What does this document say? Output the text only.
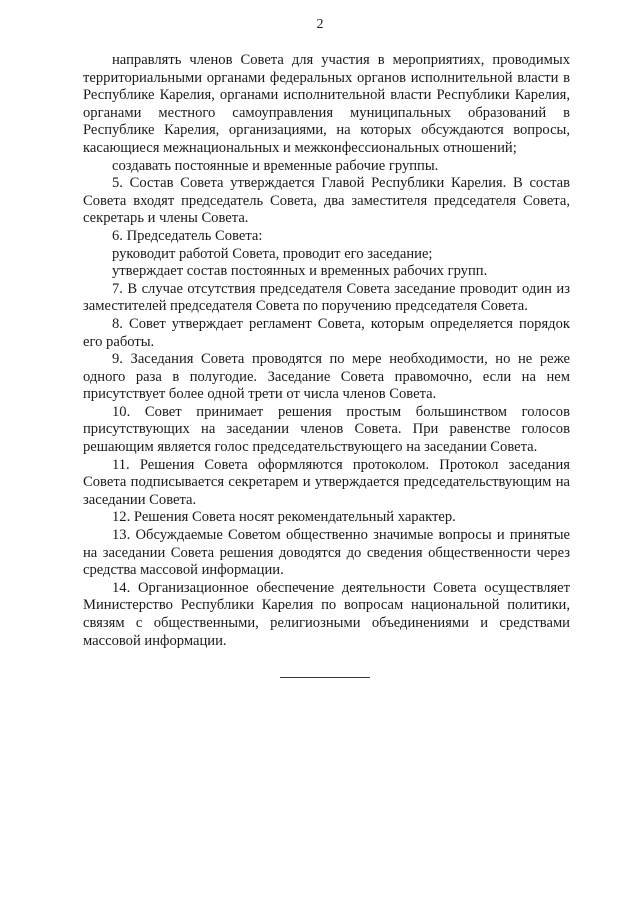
2

направлять членов Совета для участия в мероприятиях, проводимых территориальными органами федеральных органов исполнительной власти в Республике Карелия, органами исполнительной власти Республики Карелия, органами местного самоуправления муниципальных образований в Республике Карелия, организациями, на которых обсуждаются вопросы, касающиеся межнациональных и межконфессиональных отношений;

создавать постоянные и временные рабочие группы.

5. Состав Совета утверждается Главой Республики Карелия. В состав Совета входят председатель Совета, два заместителя председателя Совета, секретарь и члены Совета.

6. Председатель Совета:

руководит работой Совета, проводит его заседание;

утверждает состав постоянных и временных рабочих групп.

7. В случае отсутствия председателя Совета заседание проводит один из заместителей председателя Совета по поручению председателя Совета.

8. Совет утверждает регламент Совета, которым определяется порядок его работы.

9. Заседания Совета проводятся по мере необходимости, но не реже одного раза в полугодие. Заседание Совета правомочно, если на нем присутствует более одной трети от числа членов Совета.

10. Совет принимает решения простым большинством голосов присутствующих на заседании членов Совета. При равенстве голосов решающим является голос председательствующего на заседании Совета.

11. Решения Совета оформляются протоколом. Протокол заседания Совета подписывается секретарем и утверждается председательствующим на заседании Совета.

12. Решения Совета носят рекомендательный характер.

13. Обсуждаемые Советом общественно значимые вопросы и принятые на заседании Совета решения доводятся до сведения общественности через средства массовой информации.

14. Организационное обеспечение деятельности Совета осуществляет Министерство Республики Карелия по вопросам национальной политики, связям с общественными, религиозными объединениями и средствами массовой информации.
